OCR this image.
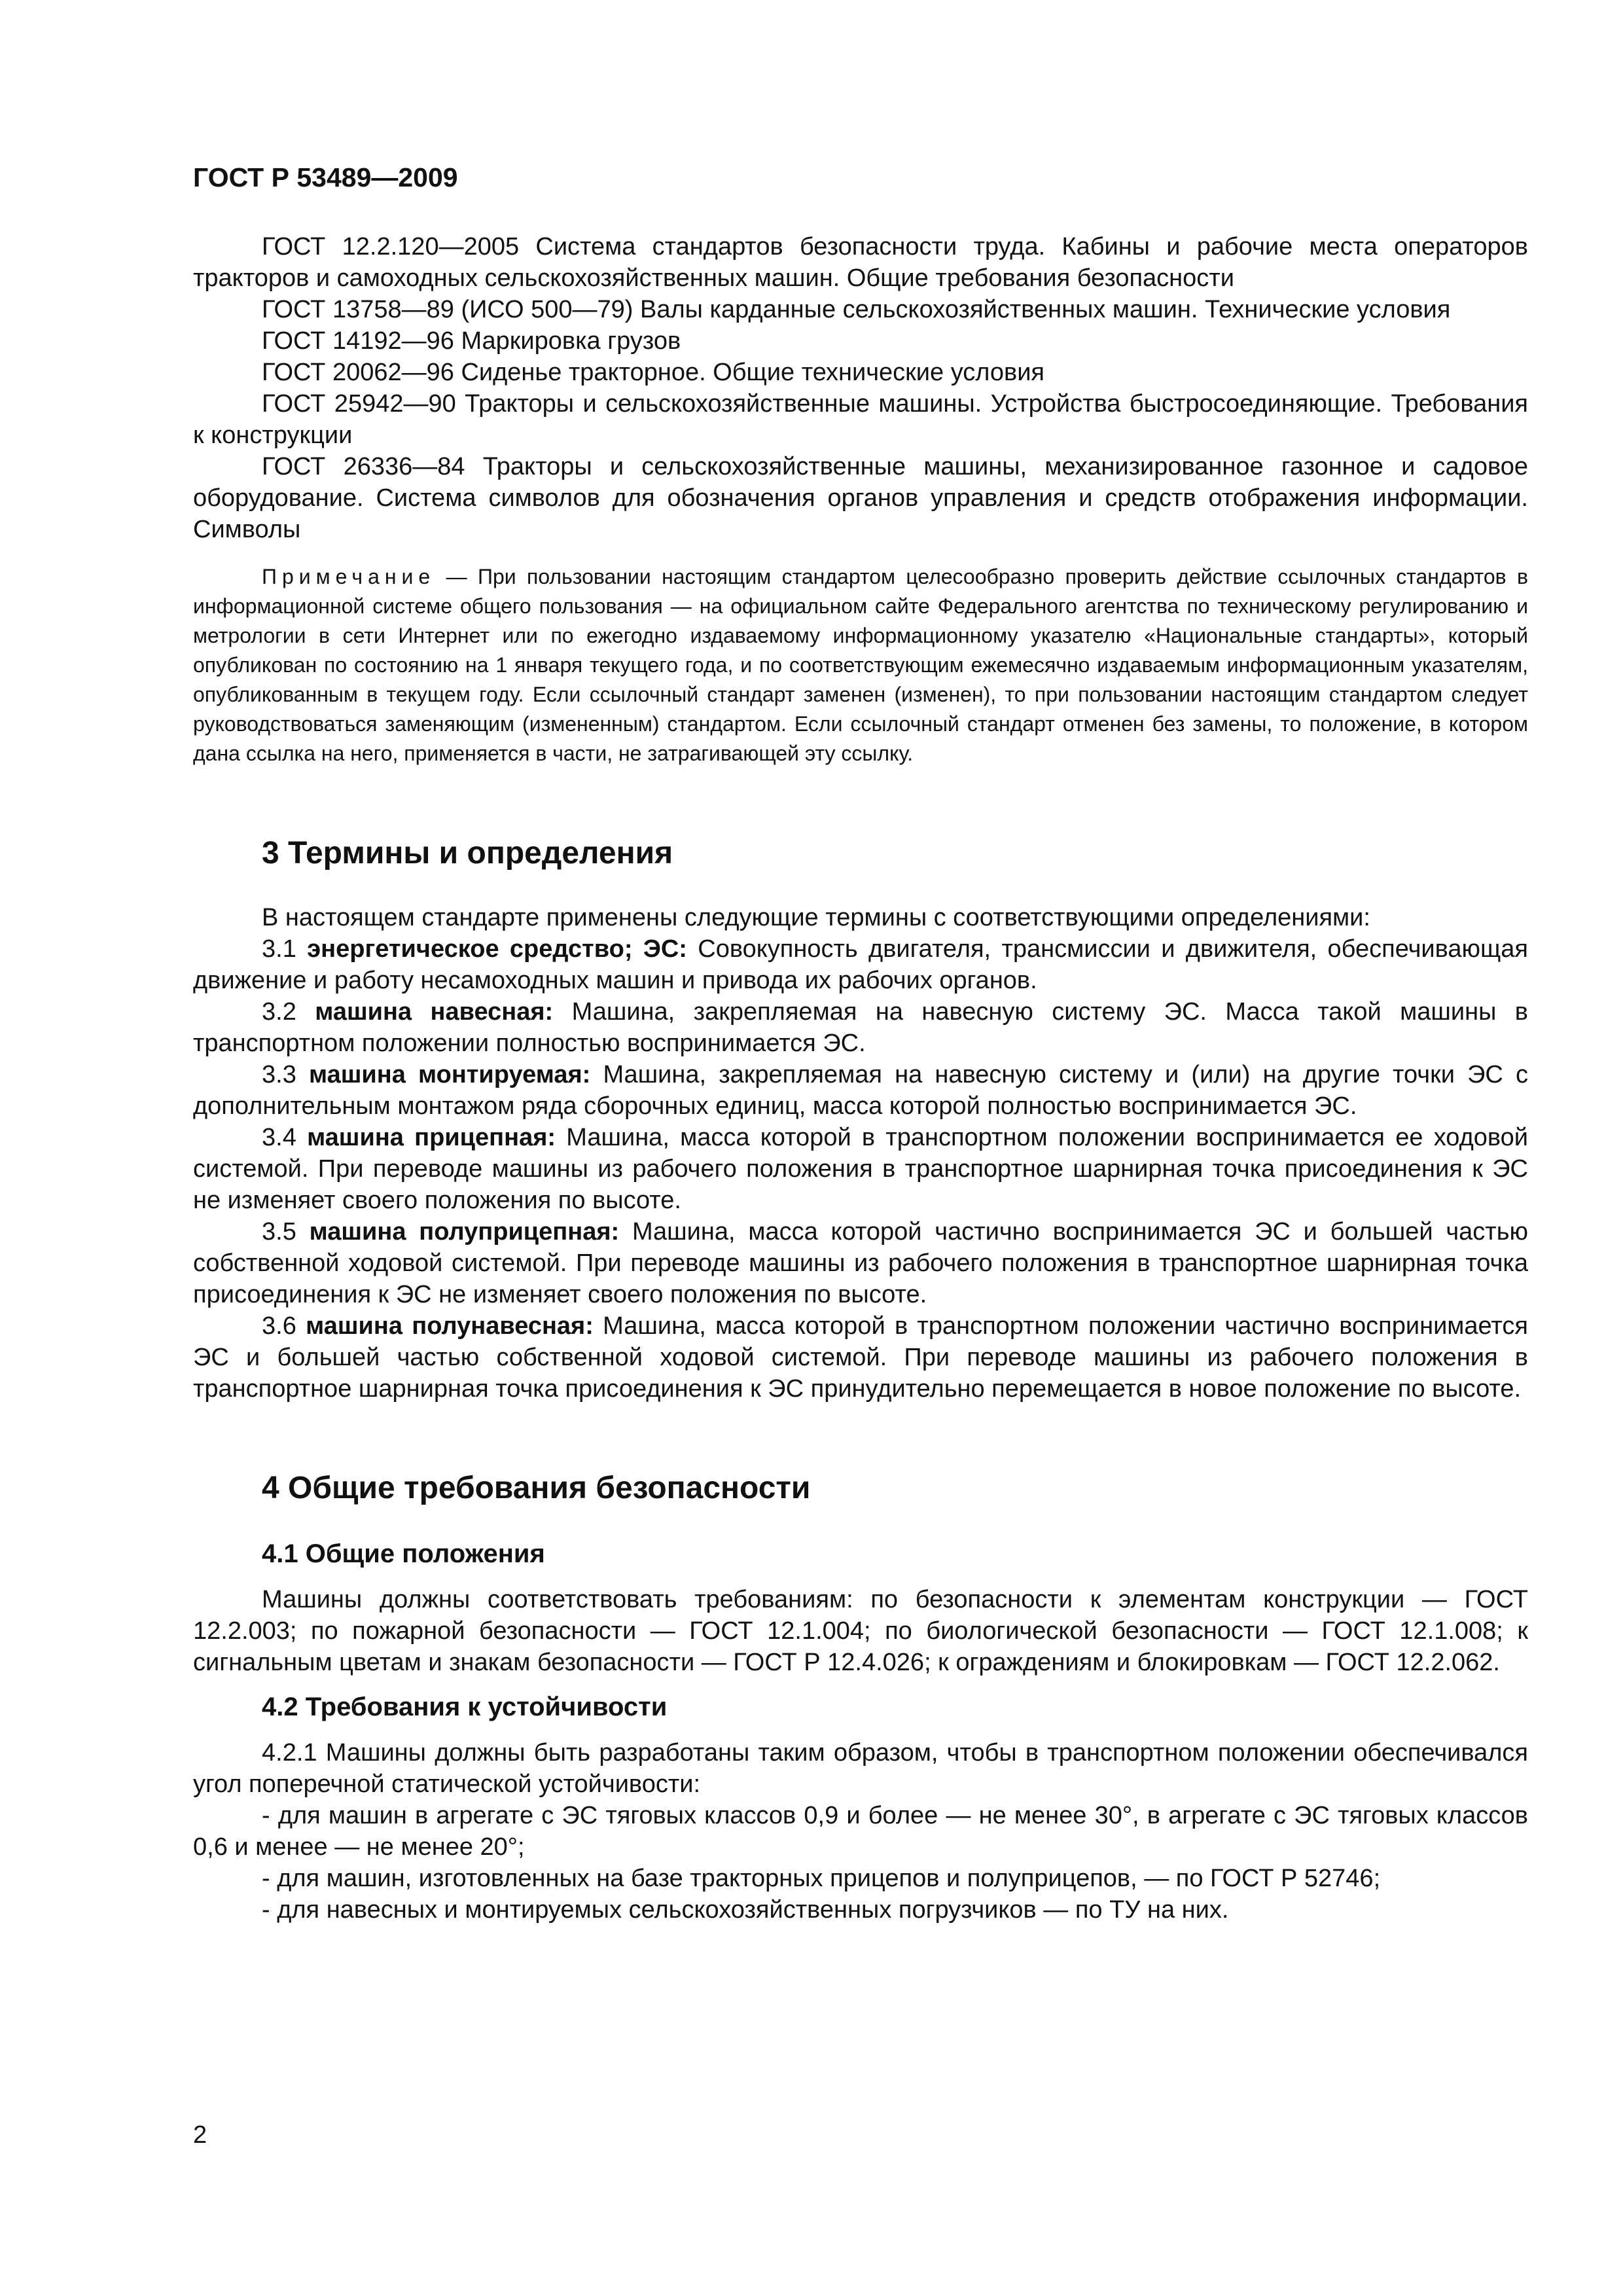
ГОСТ Р 53489—2009

ГОСТ 12.2.120—2005 Система стандартов безопасности труда. Кабины и рабочие места операторов тракторов и самоходных сельскохозяйственных машин. Общие требования безопасности

ГОСТ 13758—89 (ИСО 500—79) Валы карданные сельскохозяйственных машин. Технические условия

ГОСТ 14192—96 Маркировка грузов

ГОСТ 20062—96 Сиденье тракторное. Общие технические условия

ГОСТ 25942—90 Тракторы и сельскохозяйственные машины. Устройства быстросоединяющие. Требования к конструкции

ГОСТ 26336—84 Тракторы и сельскохозяйственные машины, механизированное газонное и садовое оборудование. Система символов для обозначения органов управления и средств отображения информации. Символы

Примечание — При пользовании настоящим стандартом целесообразно проверить действие ссылочных стандартов в информационной системе общего пользования — на официальном сайте Федерального агентства по техническому регулированию и метрологии в сети Интернет или по ежегодно издаваемому информационному указателю «Национальные стандарты», который опубликован по состоянию на 1 января текущего года, и по соответствующим ежемесячно издаваемым информационным указателям, опубликованным в текущем году. Если ссылочный стандарт заменен (изменен), то при пользовании настоящим стандартом следует руководствоваться заменяющим (измененным) стандартом. Если ссылочный стандарт отменен без замены, то положение, в котором дана ссылка на него, применяется в части, не затрагивающей эту ссылку.

3 Термины и определения

В настоящем стандарте применены следующие термины с соответствующими определениями:

3.1 энергетическое средство; ЭС: Совокупность двигателя, трансмиссии и движителя, обеспечивающая движение и работу несамоходных машин и привода их рабочих органов.

3.2 машина навесная: Машина, закрепляемая на навесную систему ЭС. Масса такой машины в транспортном положении полностью воспринимается ЭС.

3.3 машина монтируемая: Машина, закрепляемая на навесную систему и (или) на другие точки ЭС с дополнительным монтажом ряда сборочных единиц, масса которой полностью воспринимается ЭС.

3.4 машина прицепная: Машина, масса которой в транспортном положении воспринимается ее ходовой системой. При переводе машины из рабочего положения в транспортное шарнирная точка присоединения к ЭС не изменяет своего положения по высоте.

3.5 машина полуприцепная: Машина, масса которой частично воспринимается ЭС и большей частью собственной ходовой системой. При переводе машины из рабочего положения в транспортное шарнирная точка присоединения к ЭС не изменяет своего положения по высоте.

3.6 машина полунавесная: Машина, масса которой в транспортном положении частично воспринимается ЭС и большей частью собственной ходовой системой. При переводе машины из рабочего положения в транспортное шарнирная точка присоединения к ЭС принудительно перемещается в новое положение по высоте.

4 Общие требования безопасности
4.1 Общие положения

Машины должны соответствовать требованиям: по безопасности к элементам конструкции — ГОСТ 12.2.003; по пожарной безопасности — ГОСТ 12.1.004; по биологической безопасности — ГОСТ 12.1.008; к сигнальным цветам и знакам безопасности — ГОСТ Р 12.4.026; к ограждениям и блокировкам — ГОСТ 12.2.062.

4.2 Требования к устойчивости

4.2.1 Машины должны быть разработаны таким образом, чтобы в транспортном положении обеспечивался угол поперечной статической устойчивости:

- для машин в агрегате с ЭС тяговых классов 0,9 и более — не менее 30°, в агрегате с ЭС тяговых классов 0,6 и менее — не менее 20°;

- для машин, изготовленных на базе тракторных прицепов и полуприцепов, — по ГОСТ Р 52746;

- для навесных и монтируемых сельскохозяйственных погрузчиков — по ТУ на них.

2
